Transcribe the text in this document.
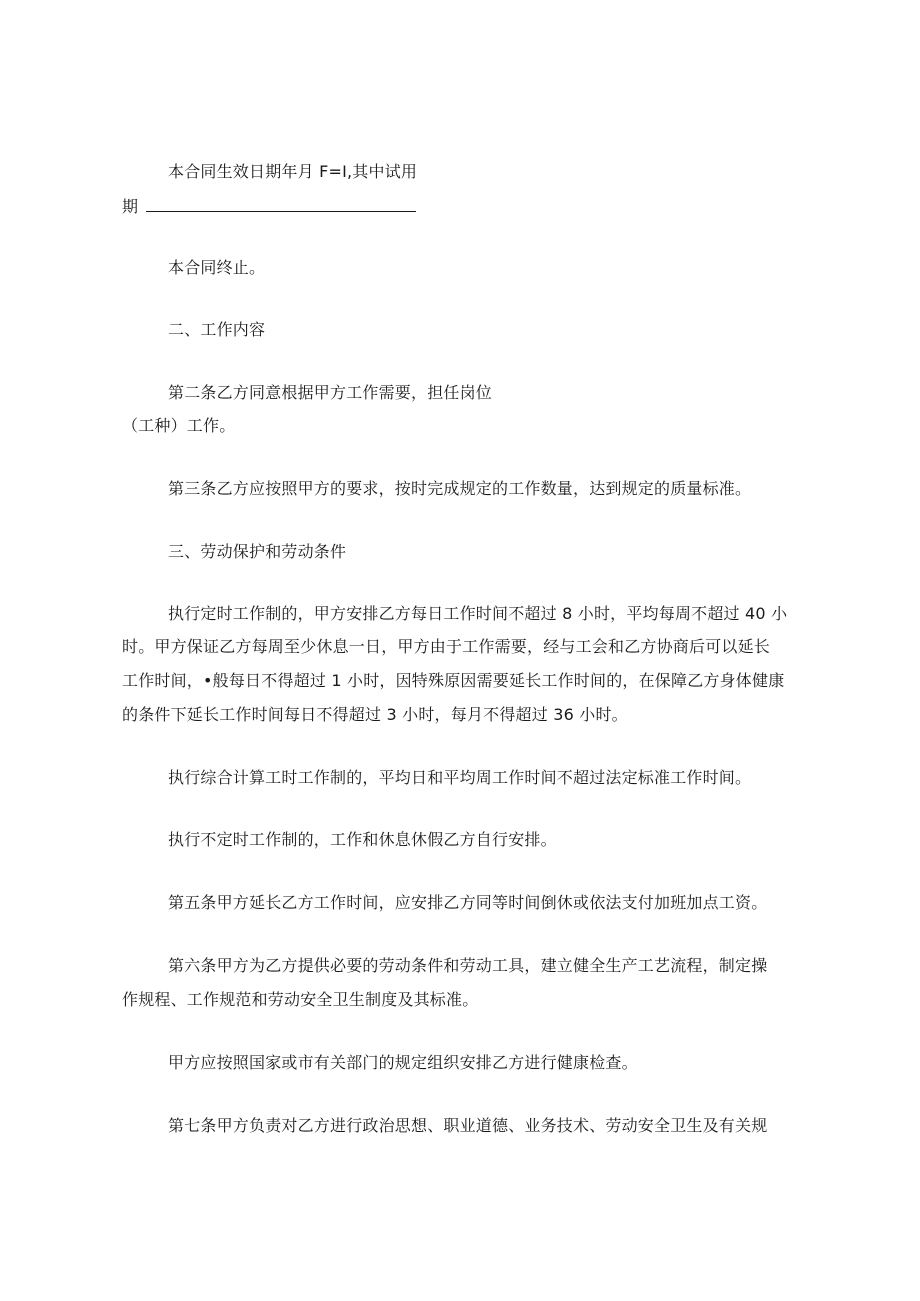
本合同生效日期年月 F=I,其中试用
期
本合同终止。
二、工作内容
第二条乙方同意根据甲方工作需要，担任岗位
（工种）工作。
第三条乙方应按照甲方的要求，按时完成规定的工作数量，达到规定的质量标准。
三、劳动保护和劳动条件
执行定时工作制的，甲方安排乙方每日工作时间不超过 8 小时，平均每周不超过 40 小
时。甲方保证乙方每周至少休息一日，甲方由于工作需要，经与工会和乙方协商后可以延长
工作时间，•般每日不得超过 1 小时，因特殊原因需要延长工作时间的，在保障乙方身体健康
的条件下延长工作时间每日不得超过 3 小时，每月不得超过 36 小时。
执行综合计算工时工作制的，平均日和平均周工作时间不超过法定标准工作时间。
执行不定时工作制的，工作和休息休假乙方自行安排。
第五条甲方延长乙方工作时间，应安排乙方同等时间倒休或依法支付加班加点工资。
第六条甲方为乙方提供必要的劳动条件和劳动工具，建立健全生产工艺流程，制定操
作规程、工作规范和劳动安全卫生制度及其标准。
甲方应按照国家或市有关部门的规定组织安排乙方进行健康检查。
第七条甲方负责对乙方进行政治思想、职业道德、业务技术、劳动安全卫生及有关规
